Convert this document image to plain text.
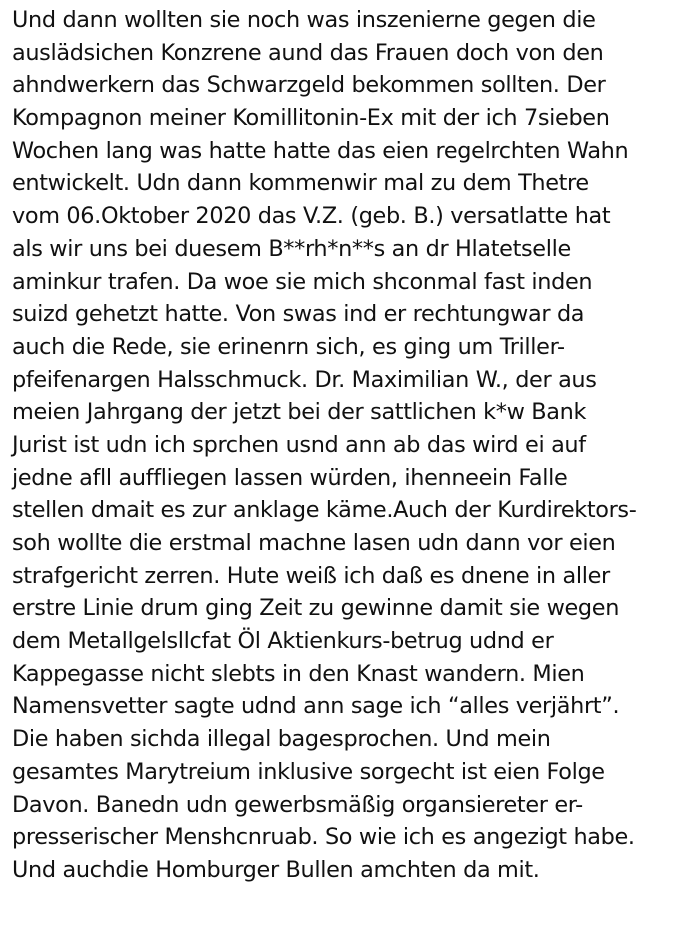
Und dann wollten sie noch was inszenierne gegen die
auslädsichen Konzrene aund das Frauen doch von den
ahndwerkern das Schwarzgeld bekommen sollten. Der
Kompagnon meiner Komillitonin-Ex mit der ich 7sieben
Wochen lang was hatte hatte das eien regelrchten Wahn
entwickelt. Udn dann kommenwir mal zu dem Thetre
vom 06.Oktober 2020 das V.Z. (geb. B.) versatlatte hat
als wir uns bei duesem B**rh*n**s an dr Hlatetselle
aminkur trafen. Da woe sie mich shconmal fast inden
suizd gehetzt hatte. Von swas ind er rechtungwar da
auch die Rede, sie erinenrn sich, es ging um Triller-
pfeifenargen Halsschmuck. Dr. Maximilian W., der aus
meien Jahrgang der jetzt bei der sattlichen k*w Bank
Jurist ist udn ich sprchen usnd ann ab das wird ei auf
jedne afll auffliegen lassen würden, ihenneein Falle
stellen dmait es zur anklage käme.Auch der Kurdirektors-
soh wollte die erstmal machne lasen udn dann vor eien
strafgericht zerren. Hute weiß ich daß es dnene in aller
erstre Linie drum ging Zeit zu gewinne damit sie wegen
dem Metallgelsllcfat Öl Aktienkurs-betrug udnd er
Kappegasse nicht slebts in den Knast wandern. Mien
Namensvetter sagte udnd ann sage ich “alles verjährt”.
Die haben sichda illegal bagesprochen. Und mein
gesamtes Marytreium inklusive sorgecht ist eien Folge
Davon. Banedn udn gewerbsmäßig organsiereter er-
presserischer Menshcnruab. So wie ich es angezigt habe.
Und auchdie Homburger Bullen amchten da mit.
